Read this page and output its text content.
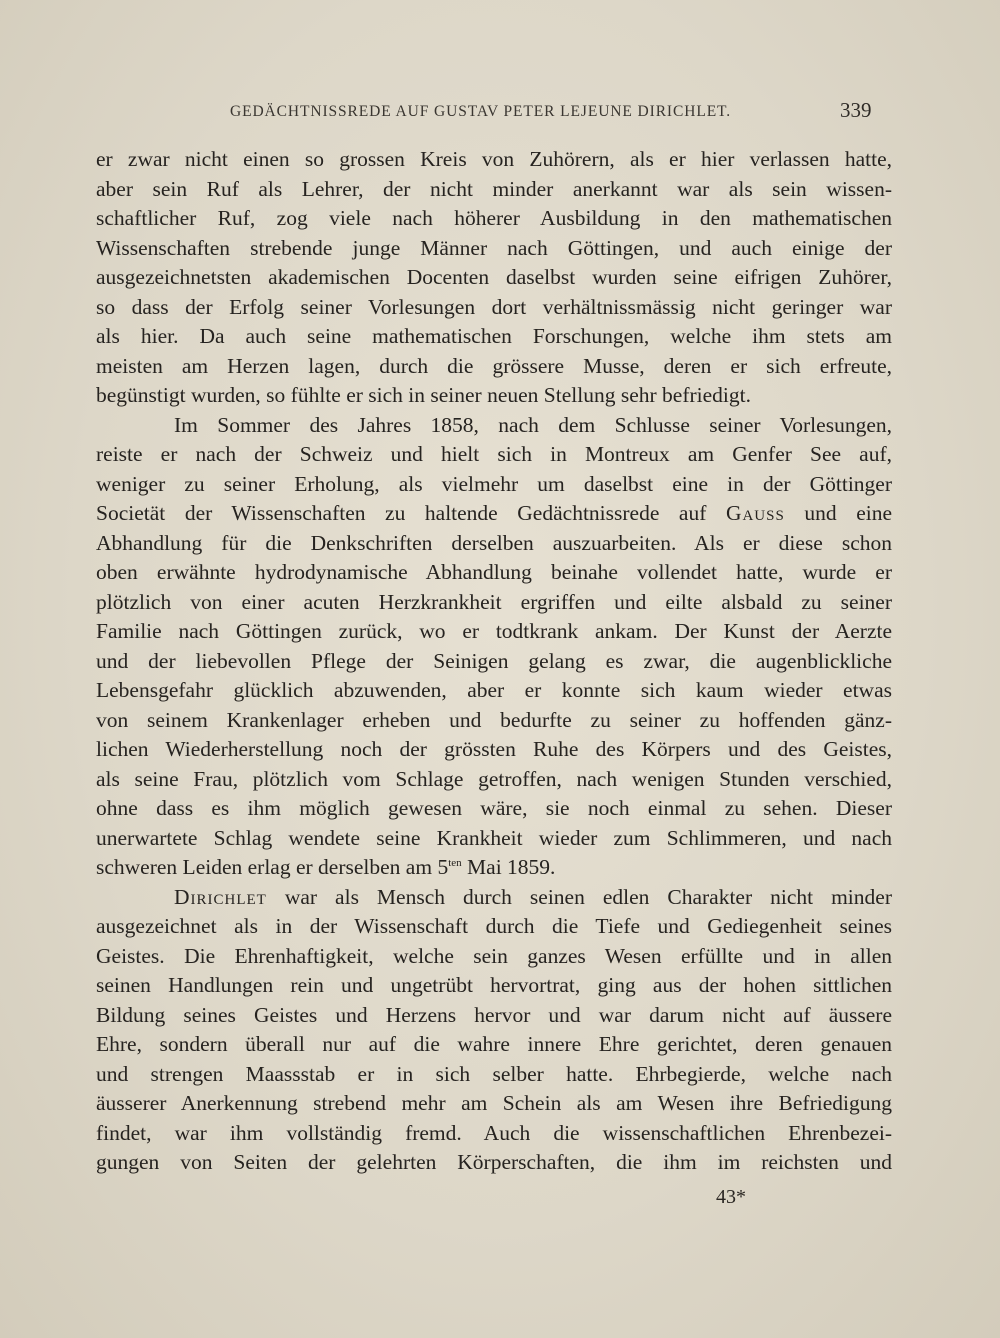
GEDÄCHTNISSREDE AUF GUSTAV PETER LEJEUNE DIRICHLET.	339
er zwar nicht einen so grossen Kreis von Zuhörern, als er hier verlassen hatte,
aber sein Ruf als Lehrer, der nicht minder anerkannt war als sein wissen-
schaftlicher Ruf, zog viele nach höherer Ausbildung in den mathematischen
Wissenschaften strebende junge Männer nach Göttingen, und auch einige der
ausgezeichnetsten akademischen Docenten daselbst wurden seine eifrigen Zuhörer,
so dass der Erfolg seiner Vorlesungen dort verhältnissmässig nicht geringer war
als hier. Da auch seine mathematischen Forschungen, welche ihm stets am
meisten am Herzen lagen, durch die grössere Musse, deren er sich erfreute,
begünstigt wurden, so fühlte er sich in seiner neuen Stellung sehr befriedigt.
Im Sommer des Jahres 1858, nach dem Schlusse seiner Vorlesungen,
reiste er nach der Schweiz und hielt sich in Montreux am Genfer See auf,
weniger zu seiner Erholung, als vielmehr um daselbst eine in der Göttinger
Societät der Wissenschaften zu haltende Gedächtnissrede auf Gauss und eine
Abhandlung für die Denkschriften derselben auszuarbeiten. Als er diese schon
oben erwähnte hydrodynamische Abhandlung beinahe vollendet hatte, wurde er
plötzlich von einer acuten Herzkrankheit ergriffen und eilte alsbald zu seiner
Familie nach Göttingen zurück, wo er todtkrank ankam. Der Kunst der Aerzte
und der liebevollen Pflege der Seinigen gelang es zwar, die augenblickliche
Lebensgefahr glücklich abzuwenden, aber er konnte sich kaum wieder etwas
von seinem Krankenlager erheben und bedurfte zu seiner zu hoffenden gänz-
lichen Wiederherstellung noch der grössten Ruhe des Körpers und des Geistes,
als seine Frau, plötzlich vom Schlage getroffen, nach wenigen Stunden verschied,
ohne dass es ihm möglich gewesen wäre, sie noch einmal zu sehen. Dieser
unerwartete Schlag wendete seine Krankheit wieder zum Schlimmeren, und nach
schweren Leiden erlag er derselben am $5^{ten}$ Mai 1859.
Dirichlet war als Mensch durch seinen edlen Charakter nicht minder
ausgezeichnet als in der Wissenschaft durch die Tiefe und Gediegenheit seines
Geistes. Die Ehrenhaftigkeit, welche sein ganzes Wesen erfüllte und in allen
seinen Handlungen rein und ungetrübt hervortrat, ging aus der hohen sittlichen
Bildung seines Geistes und Herzens hervor und war darum nicht auf äussere
Ehre, sondern überall nur auf die wahre innere Ehre gerichtet, deren genauen
und strengen Maassstab er in sich selber hatte. Ehrbegierde, welche nach
äusserer Anerkennung strebend mehr am Schein als am Wesen ihre Befriedigung
findet, war ihm vollständig fremd. Auch die wissenschaftlichen Ehrenbezei-
gungen von Seiten der gelehrten Körperschaften, die ihm im reichsten und
43*
